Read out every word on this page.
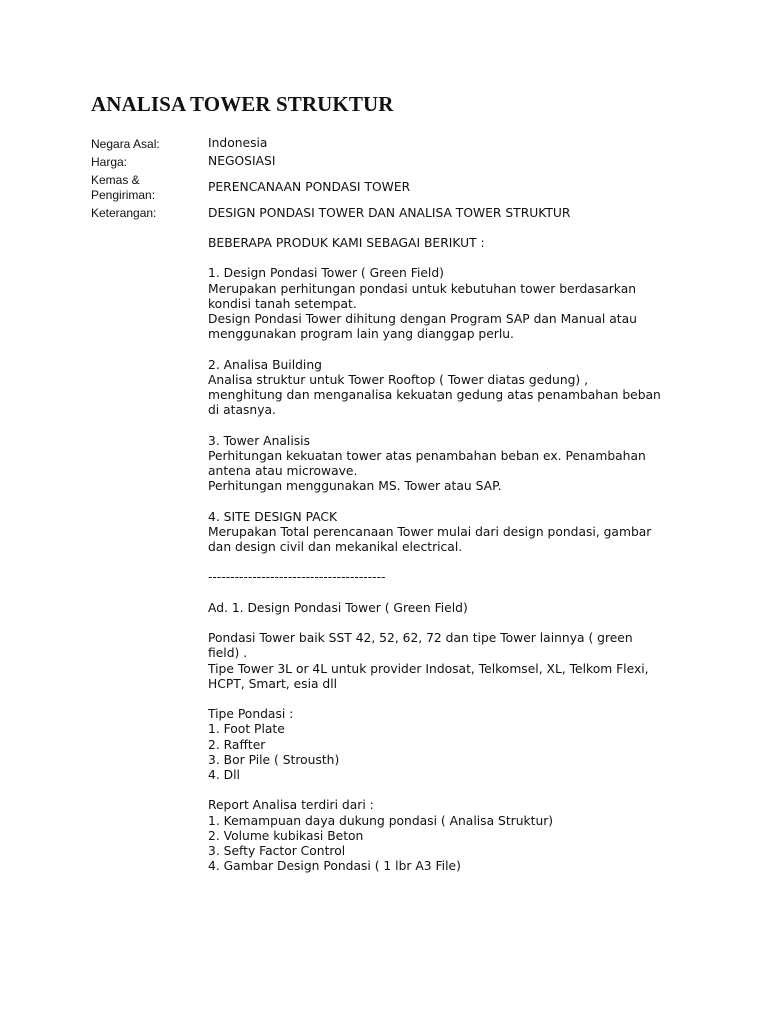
ANALISA TOWER STRUKTUR
Negara Asal:
Harga:
Kemas &
Pengiriman:
Keterangan:
Indonesia
NEGOSIASI
PERENCANAAN PONDASI TOWER
DESIGN PONDASI TOWER DAN ANALISA TOWER STRUKTUR
BEBERAPA PRODUK KAMI SEBAGAI BERIKUT :
1. Design Pondasi Tower ( Green Field)
Merupakan perhitungan pondasi untuk kebutuhan tower berdasarkan
kondisi tanah setempat.
Design Pondasi Tower dihitung dengan Program SAP dan Manual atau
menggunakan program lain yang dianggap perlu.
2. Analisa Building
Analisa struktur untuk Tower Rooftop ( Tower diatas gedung) ,
menghitung dan menganalisa kekuatan gedung atas penambahan beban
di atasnya.
3. Tower Analisis
Perhitungan kekuatan tower atas penambahan beban ex. Penambahan
antena atau microwave.
Perhitungan menggunakan MS. Tower atau SAP.
4. SITE DESIGN PACK
Merupakan Total perencanaan Tower mulai dari design pondasi, gambar
dan design civil dan mekanikal electrical.
----------------------------------------
Ad. 1. Design Pondasi Tower ( Green Field)
Pondasi Tower baik SST 42, 52, 62, 72 dan tipe Tower lainnya ( green
field) .
Tipe Tower 3L or 4L untuk provider Indosat, Telkomsel, XL, Telkom Flexi,
HCPT, Smart, esia dll
Tipe Pondasi :
1. Foot Plate
2. Raffter
3. Bor Pile ( Strousth)
4. Dll
Report Analisa terdiri dari :
1. Kemampuan daya dukung pondasi ( Analisa Struktur)
2. Volume kubikasi Beton
3. Sefty Factor Control
4. Gambar Design Pondasi ( 1 lbr A3 File)
